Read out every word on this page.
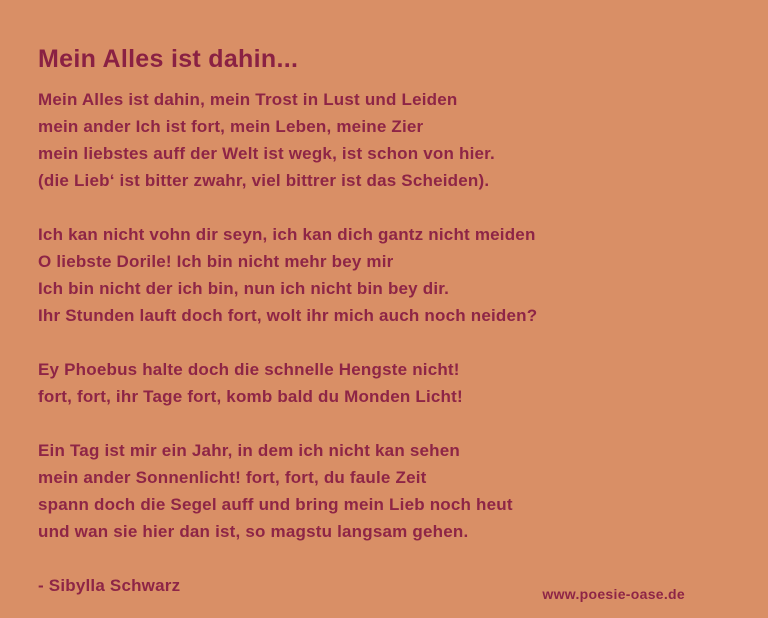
Mein Alles ist dahin...
Mein Alles ist dahin, mein Trost in Lust und Leiden
mein ander Ich ist fort, mein Leben, meine Zier
mein liebstes auff der Welt ist wegk, ist schon von hier.
(die Lieb‘ ist bitter zwahr, viel bittrer ist das Scheiden).
Ich kan nicht vohn dir seyn, ich kan dich gantz nicht meiden
O liebste Dorile! Ich bin nicht mehr bey mir
Ich bin nicht der ich bin, nun ich nicht bin bey dir.
Ihr Stunden lauft doch fort, wolt ihr mich auch noch neiden?
Ey Phoebus halte doch die schnelle Hengste nicht!
fort, fort, ihr Tage fort, komb bald du Monden Licht!
Ein Tag ist mir ein Jahr, in dem ich nicht kan sehen
mein ander Sonnenlicht! fort, fort, du faule Zeit
spann doch die Segel auff und bring mein Lieb noch heut
und wan sie hier dan ist, so magstu langsam gehen.
- Sibylla Schwarz	www.poesie-oase.de
